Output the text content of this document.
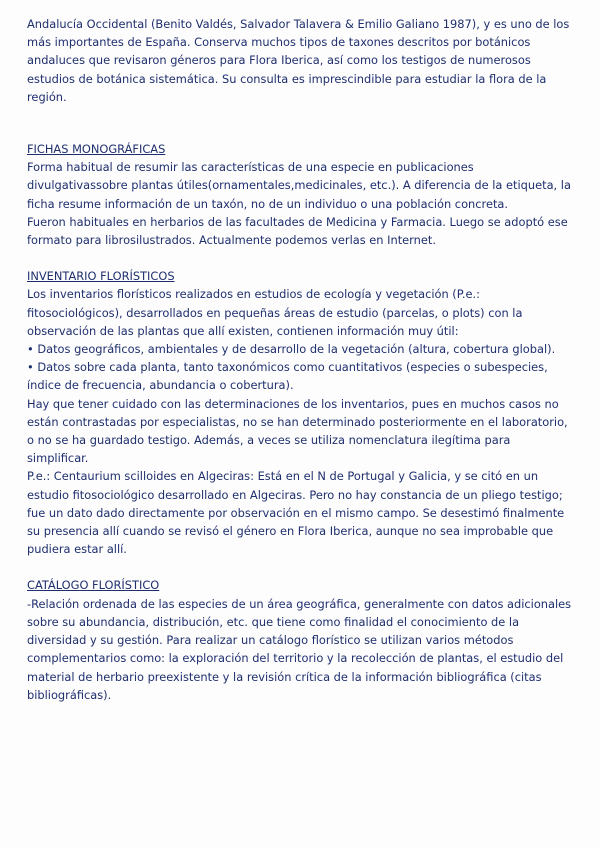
Andalucía Occidental (Benito Valdés, Salvador Talavera & Emilio Galiano 1987), y es uno de los más importantes de España. Conserva muchos tipos de taxones descritos por botánicos andaluces que revisaron géneros para Flora Iberica, así como los testigos de numerosos estudios de botánica sistemática. Su consulta es imprescindible para estudiar la flora de la región.

FICHAS MONOGRÁFICAS

Forma habitual de resumir las características de una especie en publicaciones divulgativassobre plantas útiles(ornamentales,medicinales, etc.). A diferencia de la etiqueta, la ficha resume información de un taxón, no de un individuo o una población concreta.

Fueron habituales en herbarios de las facultades de Medicina y Farmacia. Luego se adoptó ese formato para librosilustrados. Actualmente podemos verlas en Internet.

INVENTARIO FLORÍSTICOS

Los inventarios florísticos realizados en estudios de ecología y vegetación (P.e.: fitosociológicos), desarrollados en pequeñas áreas de estudio (parcelas, o plots) con la observación de las plantas que allí existen, contienen información muy útil:

• Datos geográficos, ambientales y de desarrollo de la vegetación (altura, cobertura global).

• Datos sobre cada planta, tanto taxonómicos como cuantitativos (especies o subespecies, índice de frecuencia, abundancia o cobertura).

Hay que tener cuidado con las determinaciones de los inventarios, pues en muchos casos no están contrastadas por especialistas, no se han determinado posteriormente en el laboratorio, o no se ha guardado testigo. Además, a veces se utiliza nomenclatura ilegítima para simplificar.

P.e.: Centaurium scilloides en Algeciras: Está en el N de Portugal y Galicia, y se citó en un estudio fitosociológico desarrollado en Algeciras. Pero no hay constancia de un pliego testigo; fue un dato dado directamente por observación en el mismo campo. Se desestimó finalmente su presencia allí cuando se revisó el género en Flora Iberica, aunque no sea improbable que pudiera estar allí.

CATÁLOGO FLORÍSTICO

-Relación ordenada de las especies de un área geográfica, generalmente con datos adicionales sobre su abundancia, distribución, etc. que tiene como finalidad el conocimiento de la diversidad y su gestión. Para realizar un catálogo florístico se utilizan varios métodos complementarios como: la exploración del territorio y la recolección de plantas, el estudio del material de herbario preexistente y la revisión crítica de la información bibliográfica (citas bibliográficas).
